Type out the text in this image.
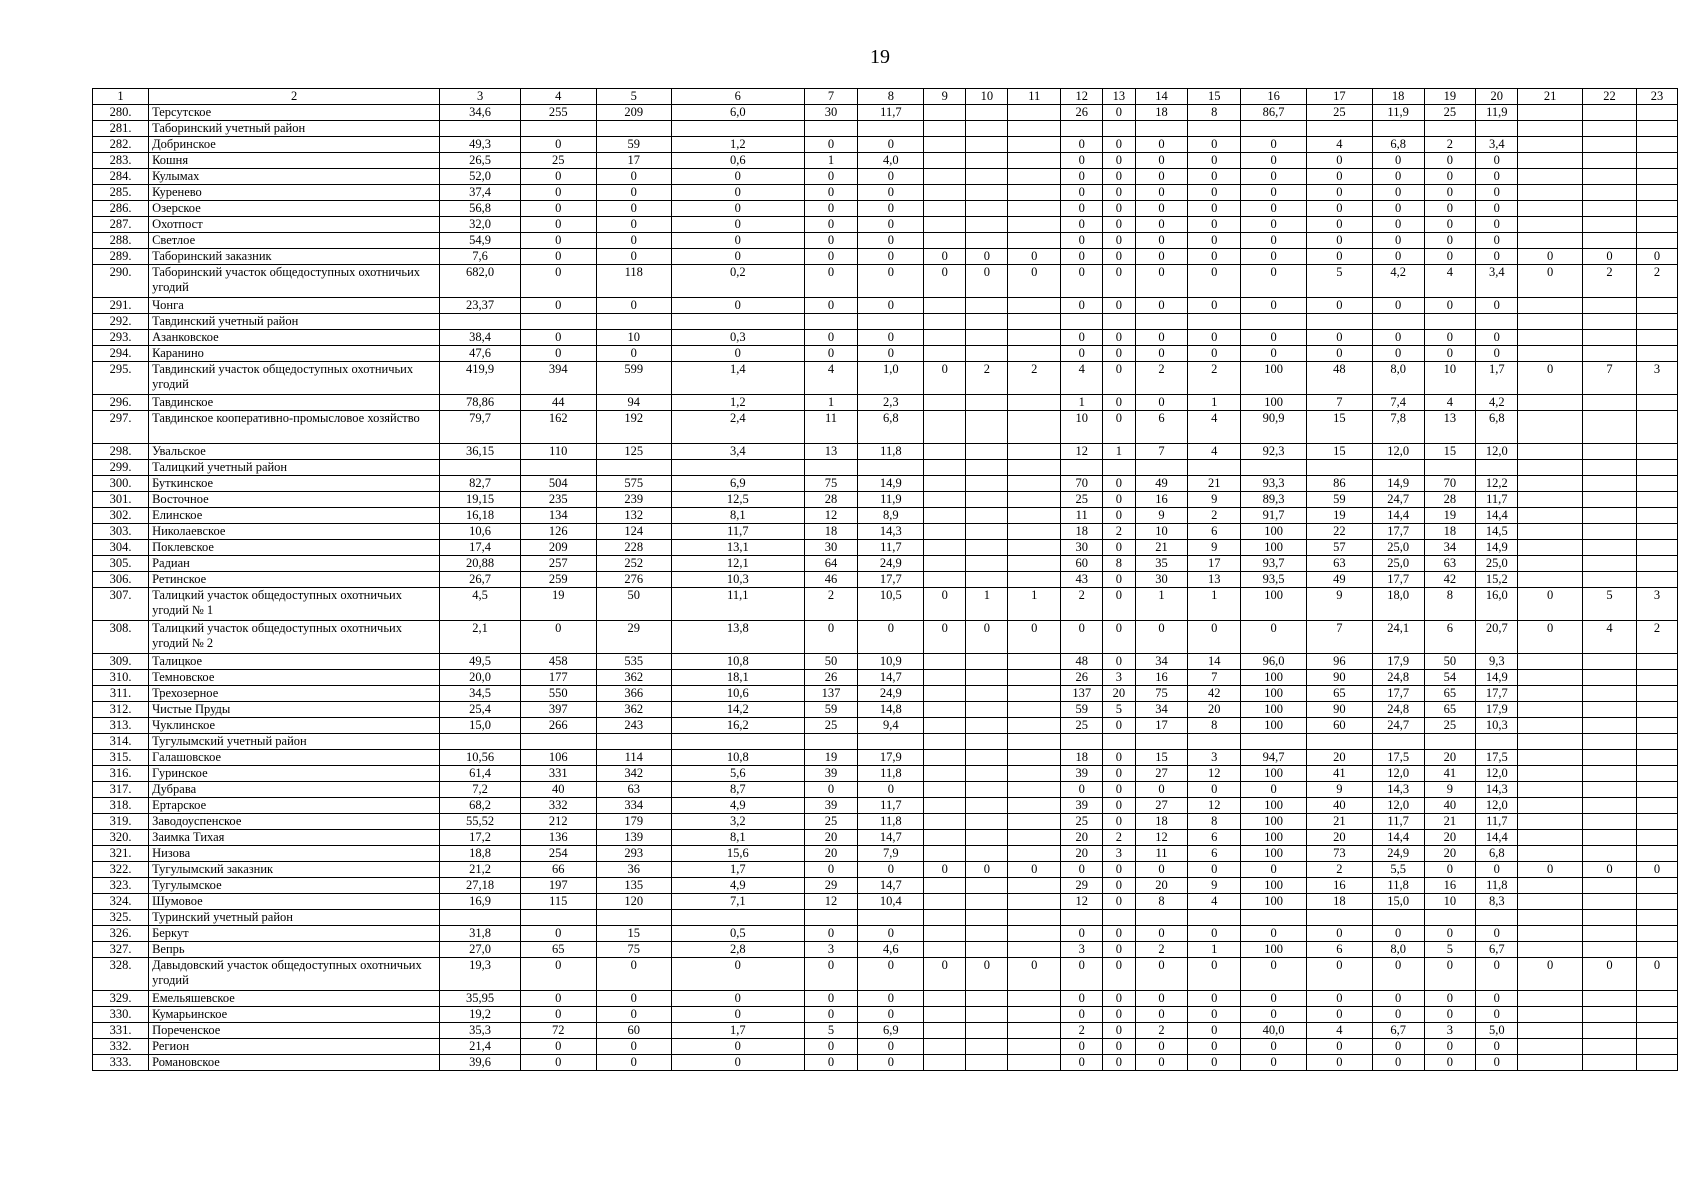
19
1	2	3	4	5	6	7	8	9	10	11	12	13	14	15	16	17	18	19	20	21	22	23
280.	Терсутское	34,6	255	209	6,0	30	11,7				26	0	18	8	86,7	25	11,9	25	11,9			
281.	Таборинский учетный район																					
282.	Добринское	49,3	0	59	1,2	0	0				0	0	0	0	0	4	6,8	2	3,4			
283.	Кошня	26,5	25	17	0,6	1	4,0				0	0	0	0	0	0	0	0	0			
284.	Кулымах	52,0	0	0	0	0	0				0	0	0	0	0	0	0	0	0			
285.	Куренево	37,4	0	0	0	0	0				0	0	0	0	0	0	0	0	0			
286.	Озерское	56,8	0	0	0	0	0				0	0	0	0	0	0	0	0	0			
287.	Охотпост	32,0	0	0	0	0	0				0	0	0	0	0	0	0	0	0			
288.	Светлое	54,9	0	0	0	0	0				0	0	0	0	0	0	0	0	0			
289.	Таборинский заказник	7,6	0	0	0	0	0	0	0	0	0	0	0	0	0	0	0	0	0	0	0	0
290.	Таборинский участок общедоступных охотничьих угодий	682,0	0	118	0,2	0	0	0	0	0	0	0	0	0	0	5	4,2	4	3,4	0	2	2
291.	Чонга	23,37	0	0	0	0	0				0	0	0	0	0	0	0	0	0			
292.	Тавдинский учетный район																					
293.	Азанковское	38,4	0	10	0,3	0	0				0	0	0	0	0	0	0	0	0			
294.	Каранино	47,6	0	0	0	0	0				0	0	0	0	0	0	0	0	0			
295.	Тавдинский участок общедоступных охотничьих угодий	419,9	394	599	1,4	4	1,0	0	2	2	4	0	2	2	100	48	8,0	10	1,7	0	7	3
296.	Тавдинское	78,86	44	94	1,2	1	2,3				1	0	0	1	100	7	7,4	4	4,2			
297.	Тавдинское кооперативно-промысловое хозяйство	79,7	162	192	2,4	11	6,8				10	0	6	4	90,9	15	7,8	13	6,8			
298.	Увальское	36,15	110	125	3,4	13	11,8				12	1	7	4	92,3	15	12,0	15	12,0			
299.	Талицкий учетный район																					
300.	Буткинское	82,7	504	575	6,9	75	14,9				70	0	49	21	93,3	86	14,9	70	12,2			
301.	Восточное	19,15	235	239	12,5	28	11,9				25	0	16	9	89,3	59	24,7	28	11,7			
302.	Елинское	16,18	134	132	8,1	12	8,9				11	0	9	2	91,7	19	14,4	19	14,4			
303.	Николаевское	10,6	126	124	11,7	18	14,3				18	2	10	6	100	22	17,7	18	14,5			
304.	Поклевское	17,4	209	228	13,1	30	11,7				30	0	21	9	100	57	25,0	34	14,9			
305.	Радиан	20,88	257	252	12,1	64	24,9				60	8	35	17	93,7	63	25,0	63	25,0			
306.	Ретинское	26,7	259	276	10,3	46	17,7				43	0	30	13	93,5	49	17,7	42	15,2			
307.	Талицкий участок общедоступных охотничьих угодий № 1	4,5	19	50	11,1	2	10,5	0	1	1	2	0	1	1	100	9	18,0	8	16,0	0	5	3
308.	Талицкий участок общедоступных охотничьих угодий № 2	2,1	0	29	13,8	0	0	0	0	0	0	0	0	0	0	7	24,1	6	20,7	0	4	2
309.	Талицкое	49,5	458	535	10,8	50	10,9				48	0	34	14	96,0	96	17,9	50	9,3			
310.	Темновское	20,0	177	362	18,1	26	14,7				26	3	16	7	100	90	24,8	54	14,9			
311.	Трехозерное	34,5	550	366	10,6	137	24,9				137	20	75	42	100	65	17,7	65	17,7			
312.	Чистые Пруды	25,4	397	362	14,2	59	14,8				59	5	34	20	100	90	24,8	65	17,9			
313.	Чуклинское	15,0	266	243	16,2	25	9,4				25	0	17	8	100	60	24,7	25	10,3			
314.	Тугулымский учетный район																					
315.	Галашовское	10,56	106	114	10,8	19	17,9				18	0	15	3	94,7	20	17,5	20	17,5			
316.	Гуринское	61,4	331	342	5,6	39	11,8				39	0	27	12	100	41	12,0	41	12,0			
317.	Дубрава	7,2	40	63	8,7	0	0				0	0	0	0	0	9	14,3	9	14,3			
318.	Ертарское	68,2	332	334	4,9	39	11,7				39	0	27	12	100	40	12,0	40	12,0			
319.	Заводоуспенское	55,52	212	179	3,2	25	11,8				25	0	18	8	100	21	11,7	21	11,7			
320.	Заимка Тихая	17,2	136	139	8,1	20	14,7				20	2	12	6	100	20	14,4	20	14,4			
321.	Низова	18,8	254	293	15,6	20	7,9				20	3	11	6	100	73	24,9	20	6,8			
322.	Тугулымский заказник	21,2	66	36	1,7	0	0	0	0	0	0	0	0	0	0	2	5,5	0	0	0	0	0
323.	Тугулымское	27,18	197	135	4,9	29	14,7				29	0	20	9	100	16	11,8	16	11,8			
324.	Шумовое	16,9	115	120	7,1	12	10,4				12	0	8	4	100	18	15,0	10	8,3			
325.	Туринский учетный район																					
326.	Беркут	31,8	0	15	0,5	0	0				0	0	0	0	0	0	0	0	0			
327.	Вепрь	27,0	65	75	2,8	3	4,6				3	0	2	1	100	6	8,0	5	6,7			
328.	Давыдовский участок общедоступных охотничьих угодий	19,3	0	0	0	0	0	0	0	0	0	0	0	0	0	0	0	0	0	0	0	0
329.	Емельяшевское	35,95	0	0	0	0	0				0	0	0	0	0	0	0	0	0			
330.	Кумарьинское	19,2	0	0	0	0	0				0	0	0	0	0	0	0	0	0			
331.	Пореченское	35,3	72	60	1,7	5	6,9				2	0	2	0	40,0	4	6,7	3	5,0			
332.	Регион	21,4	0	0	0	0	0				0	0	0	0	0	0	0	0	0			
333.	Романовское	39,6	0	0	0	0	0				0	0	0	0	0	0	0	0	0			
